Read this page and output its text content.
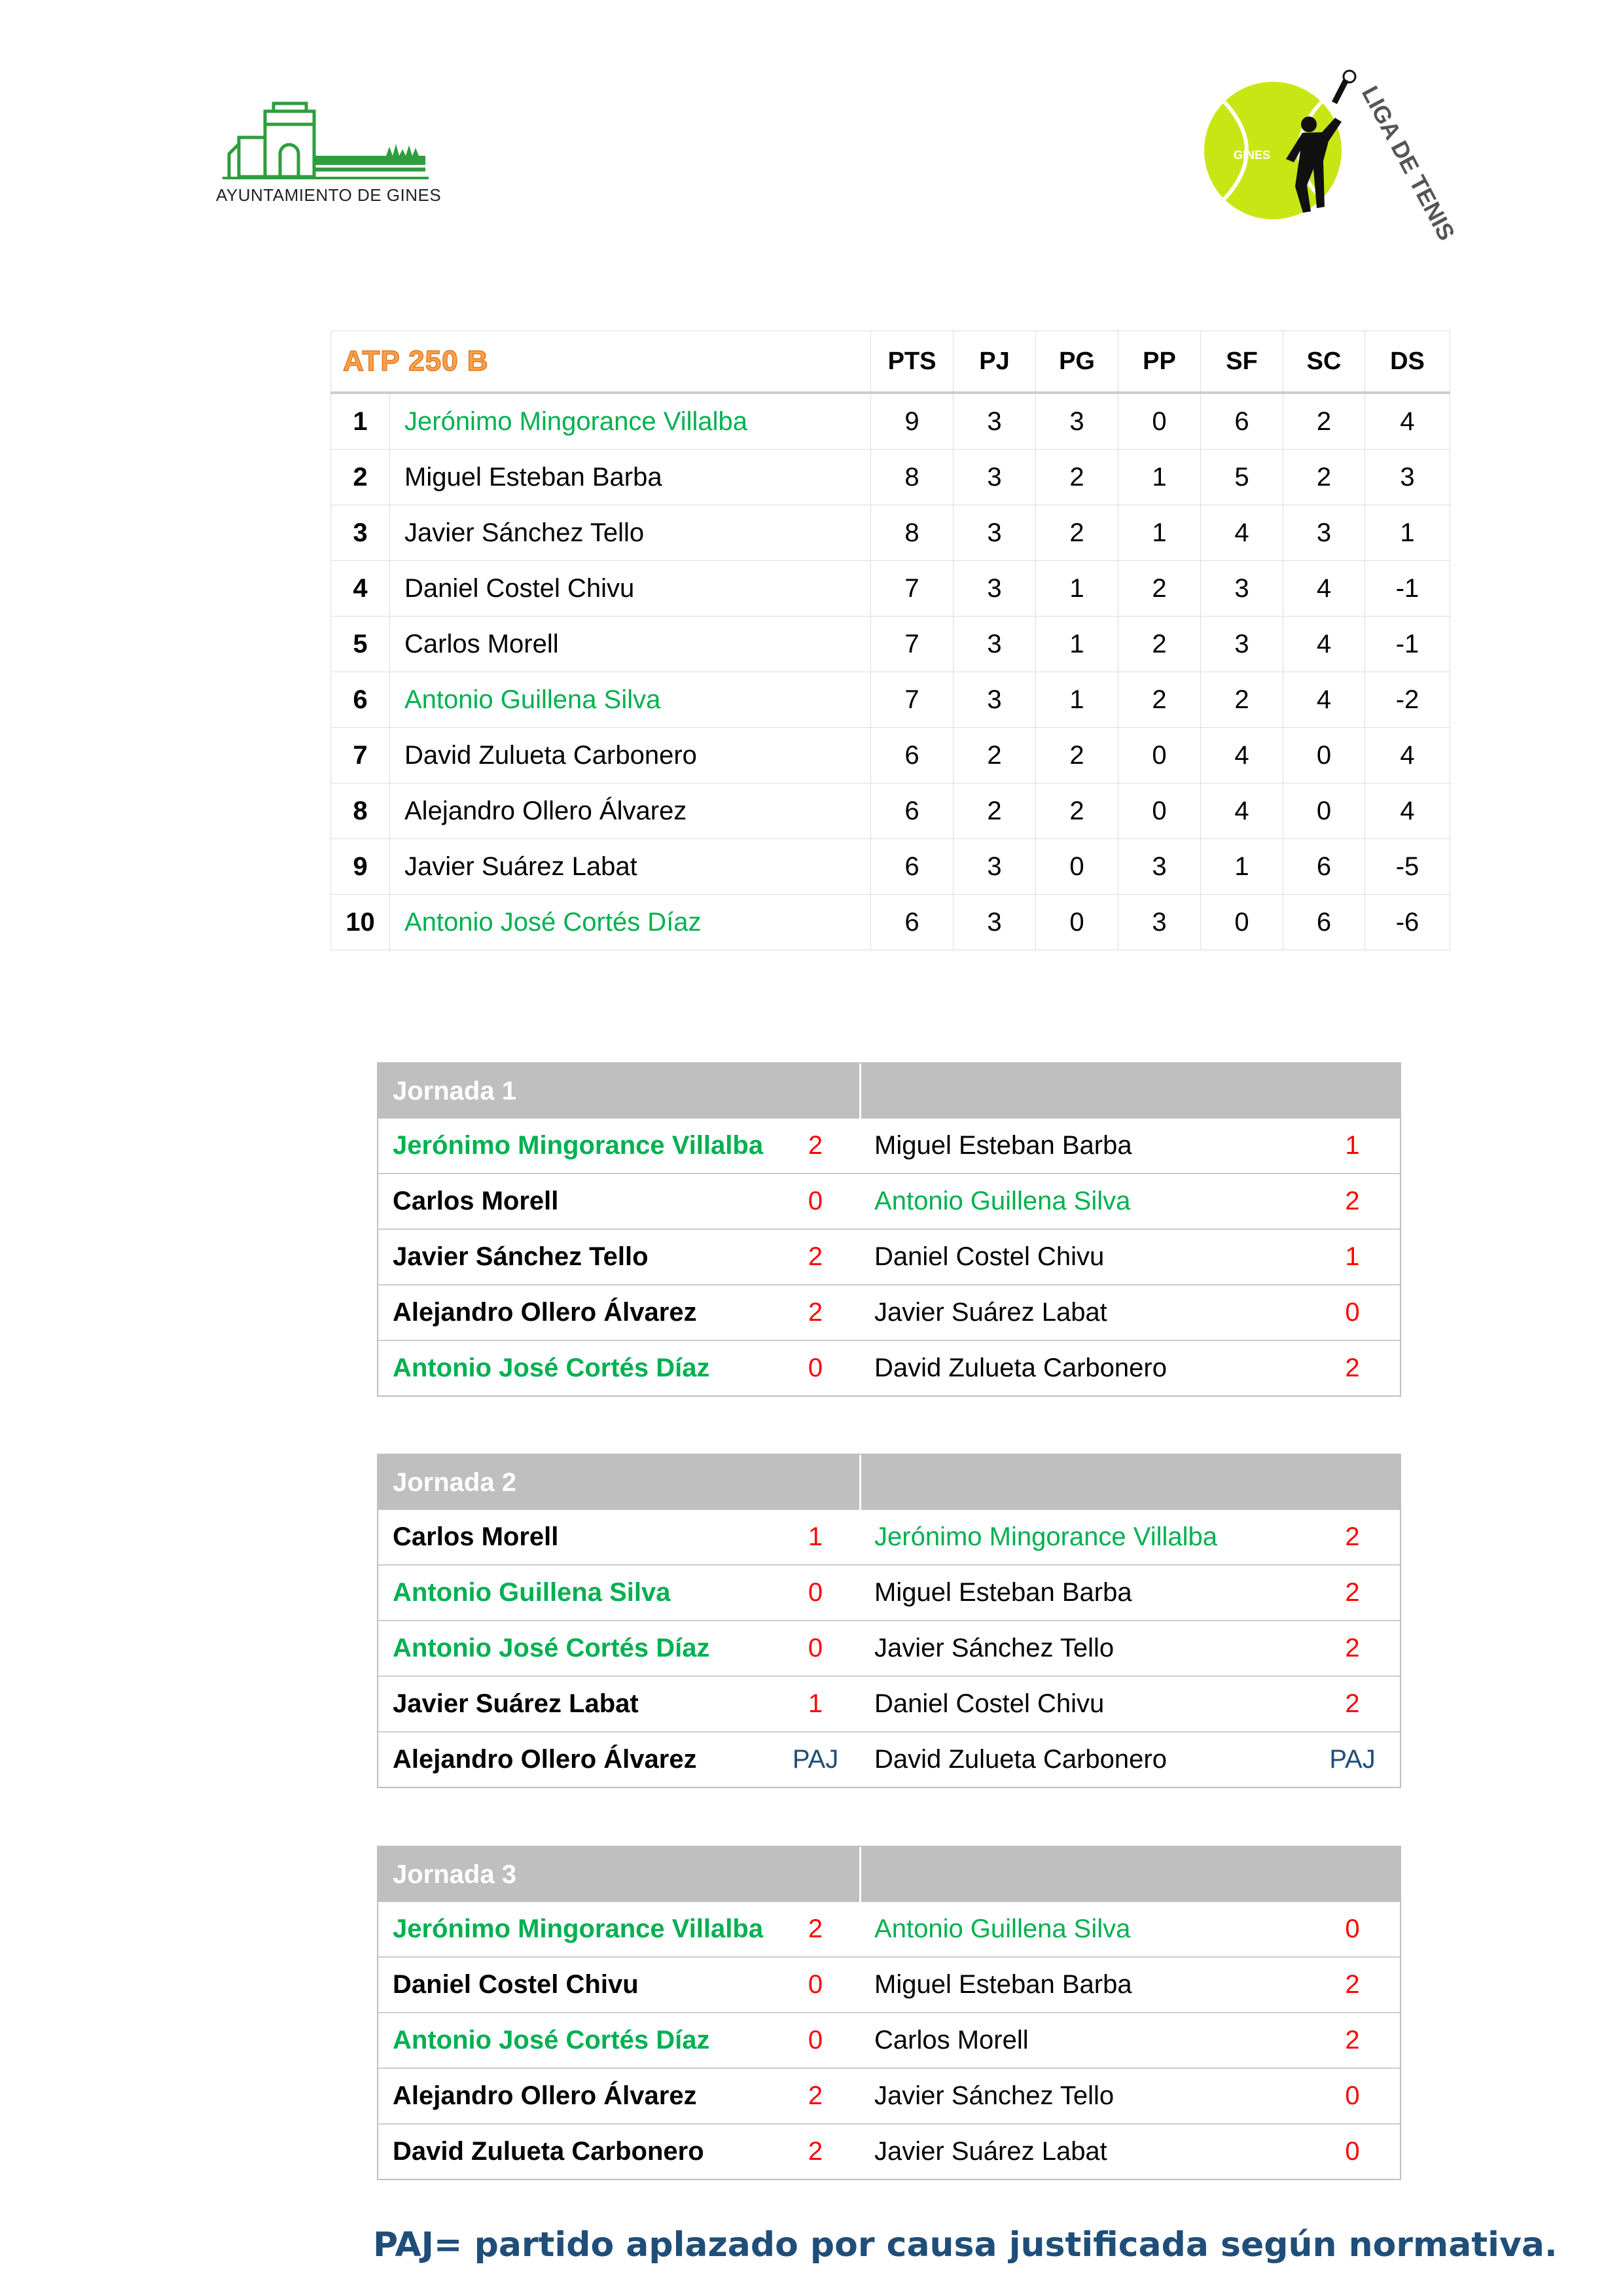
AYUNTAMIENTO DE GINES
GINES	LIGA DE TENIS
ATP 250 B		PTS	PJ	PG	PP	SF	SC	DS
1	Jerónimo Mingorance Villalba	9	3	3	0	6	2	4
2	Miguel Esteban Barba	8	3	2	1	5	2	3
3	Javier Sánchez Tello	8	3	2	1	4	3	1
4	Daniel Costel Chivu	7	3	1	2	3	4	-1
5	Carlos Morell	7	3	1	2	3	4	-1
6	Antonio Guillena Silva	7	3	1	2	2	4	-2
7	David Zulueta Carbonero	6	2	2	0	4	0	4
8	Alejandro Ollero Álvarez	6	2	2	0	4	0	4
9	Javier Suárez Labat	6	3	0	3	1	6	-5
10	Antonio José Cortés Díaz	6	3	0	3	0	6	-6
Jornada 1			
Jerónimo Mingorance Villalba	2	Miguel Esteban Barba	1
Carlos Morell	0	Antonio Guillena Silva	2
Javier Sánchez Tello	2	Daniel Costel Chivu	1
Alejandro Ollero Álvarez	2	Javier Suárez Labat	0
Antonio José Cortés Díaz	0	David Zulueta Carbonero	2
Jornada 2			
Carlos Morell	1	Jerónimo Mingorance Villalba	2
Antonio Guillena Silva	0	Miguel Esteban Barba	2
Antonio José Cortés Díaz	0	Javier Sánchez Tello	2
Javier Suárez Labat	1	Daniel Costel Chivu	2
Alejandro Ollero Álvarez	PAJ	David Zulueta Carbonero	PAJ
Jornada 3			
Jerónimo Mingorance Villalba	2	Antonio Guillena Silva	0
Daniel Costel Chivu	0	Miguel Esteban Barba	2
Antonio José Cortés Díaz	0	Carlos Morell	2
Alejandro Ollero Álvarez	2	Javier Sánchez Tello	0
David Zulueta Carbonero	2	Javier Suárez Labat	0
PAJ= partido aplazado por causa justificada según normativa.
